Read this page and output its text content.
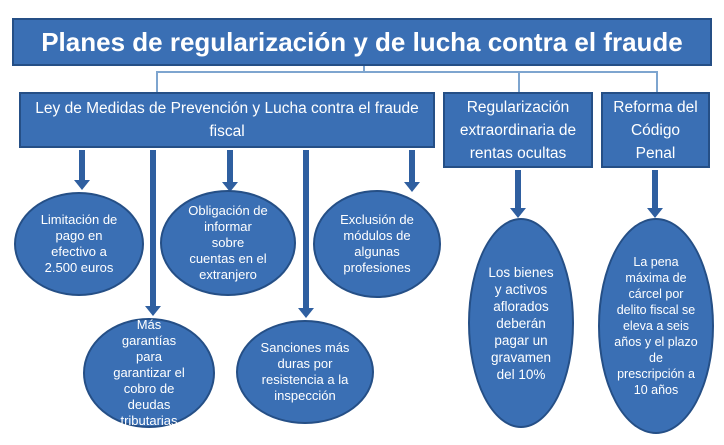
Planes de regularización y de lucha contra el fraude
Ley de Medidas de Prevención y Lucha contra el fraude fiscal
Regularización extraordinaria de rentas ocultas
Reforma del Código Penal
Limitación de pago en efectivo a 2.500 euros
Obligación de informar sobre cuentas en el extranjero
Exclusión de módulos de algunas profesiones
Más garantías para garantizar el cobro de deudas tributarias
Sanciones más duras por resistencia a la inspección
Los bienes y activos aflorados deberán pagar un gravamen del 10%
La pena máxima de cárcel por delito fiscal se eleva a seis años y el plazo de prescripción a 10 años
